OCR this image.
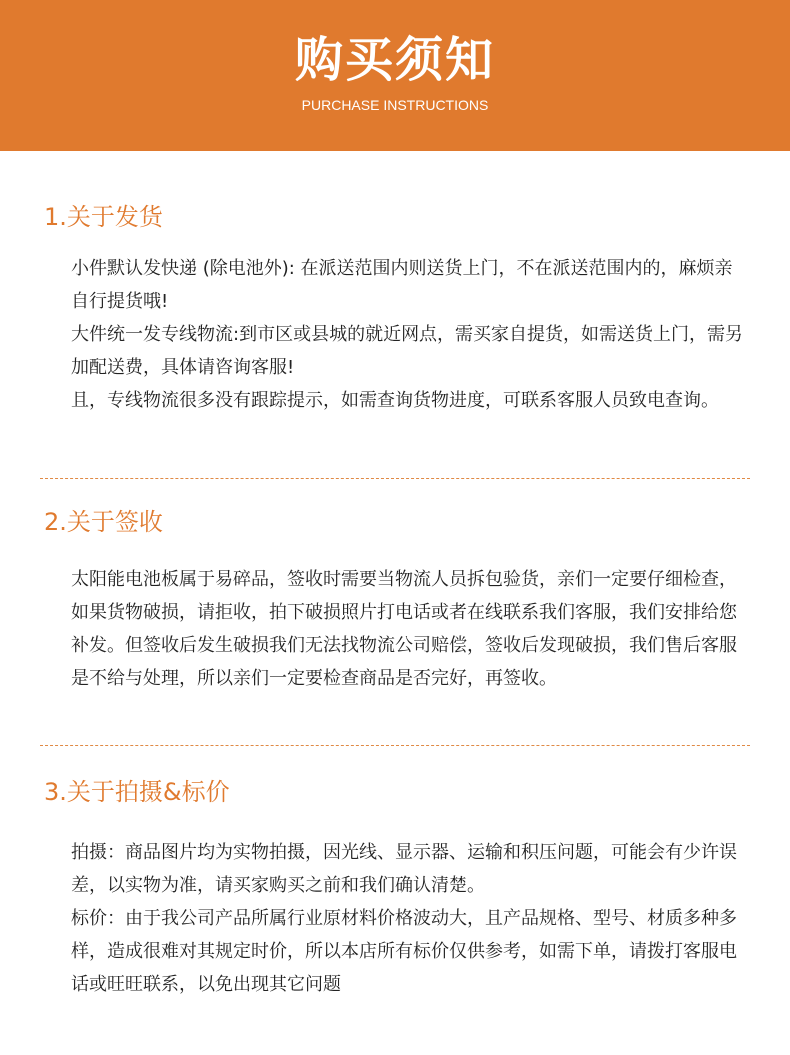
购买须知
PURCHASE INSTRUCTIONS
1.关于发货

小件默认发快递 (除电池外): 在派送范围内则送货上门，不在派送范围内的，麻烦亲自行提货哦!

大件统一发专线物流:到市区或县城的就近网点，需买家自提货，如需送货上门，需另加配送费，具体请咨询客服!

且，专线物流很多没有跟踪提示，如需查询货物进度，可联系客服人员致电查询。

2.关于签收

太阳能电池板属于易碎品，签收时需要当物流人员拆包验货，亲们一定要仔细检查，如果货物破损，请拒收，拍下破损照片打电话或者在线联系我们客服，我们安排给您补发。但签收后发生破损我们无法找物流公司赔偿，签收后发现破损，我们售后客服是不给与处理，所以亲们一定要检查商品是否完好，再签收。

3.关于拍摄&标价

拍摄：商品图片均为实物拍摄，因光线、显示器、运输和积压问题，可能会有少许误差，以实物为准，请买家购买之前和我们确认清楚。

标价：由于我公司产品所属行业原材料价格波动大，且产品规格、型号、材质多种多样，造成很难对其规定时价，所以本店所有标价仅供参考，如需下单，请拨打客服电话或旺旺联系，以免出现其它问题
